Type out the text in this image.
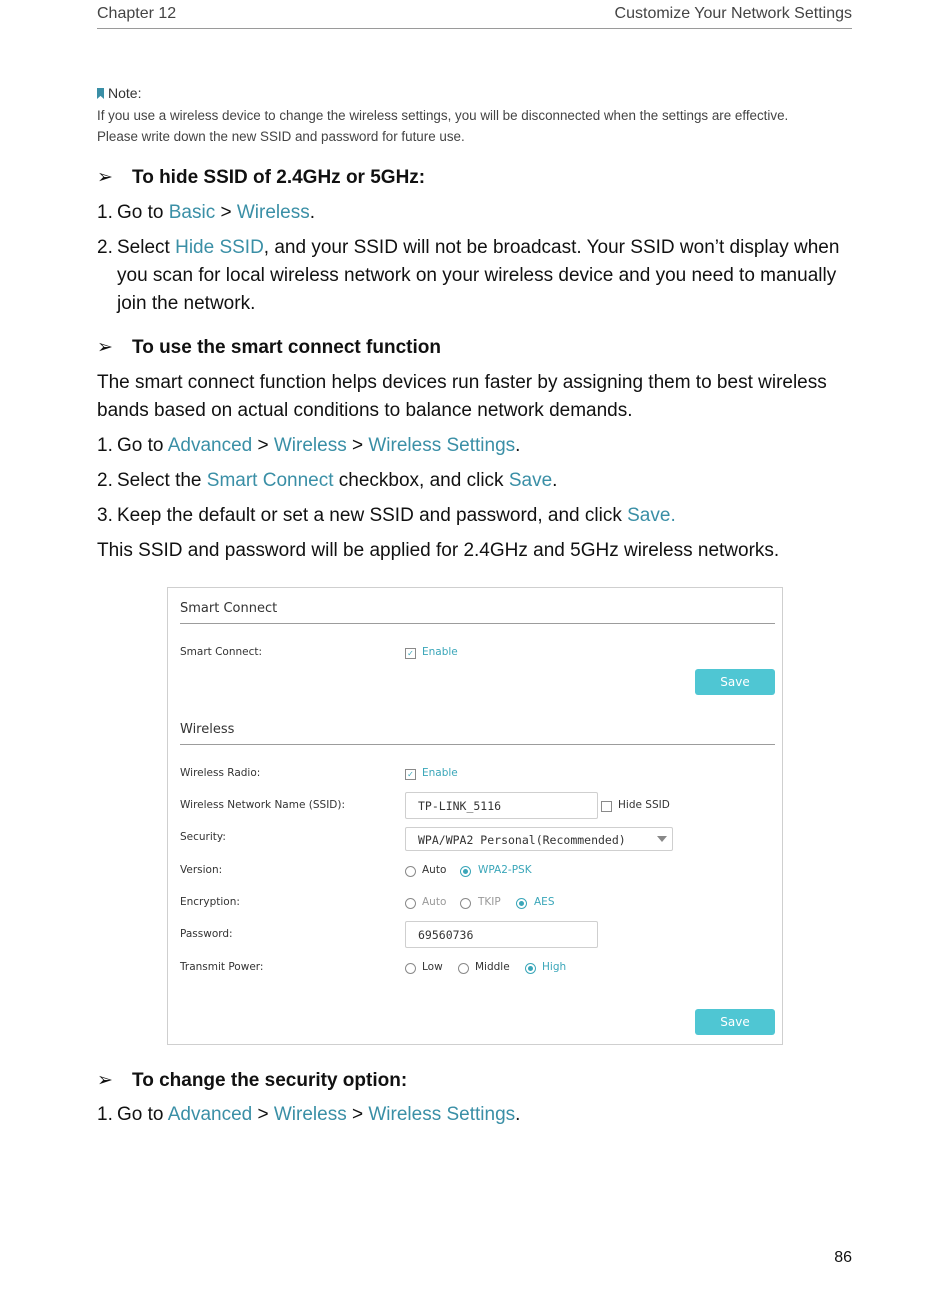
Chapter 12	Customize Your Network Settings
Note:
If you use a wireless device to change the wireless settings, you will be disconnected when the settings are effective.
Please write down the new SSID and password for future use.
➢ To hide SSID of 2.4GHz or 5GHz:
1. Go to Basic > Wireless.
2. Select Hide SSID, and your SSID will not be broadcast. Your SSID won’t display when
you scan for local wireless network on your wireless device and you need to manually
join the network.
➢ To use the smart connect function
The smart connect function helps devices run faster by assigning them to best wireless
bands based on actual conditions to balance network demands.
1. Go to Advanced > Wireless > Wireless Settings.
2. Select the Smart Connect checkbox, and click Save.
3. Keep the default or set a new SSID and password, and click Save.
This SSID and password will be applied for 2.4GHz and 5GHz wireless networks.
Smart Connect
Smart Connect:	✓ Enable
Save
Wireless
Wireless Radio:	✓ Enable
Wireless Network Name (SSID):	TP-LINK_5116	Hide SSID
Security:	WPA/WPA2 Personal(Recommended)
Version:	Auto	WPA2-PSK
Encryption:	Auto	TKIP	AES
Password:	69560736
Transmit Power:	Low	Middle	High
Save
➢ To change the security option:
1. Go to Advanced > Wireless > Wireless Settings.
86
